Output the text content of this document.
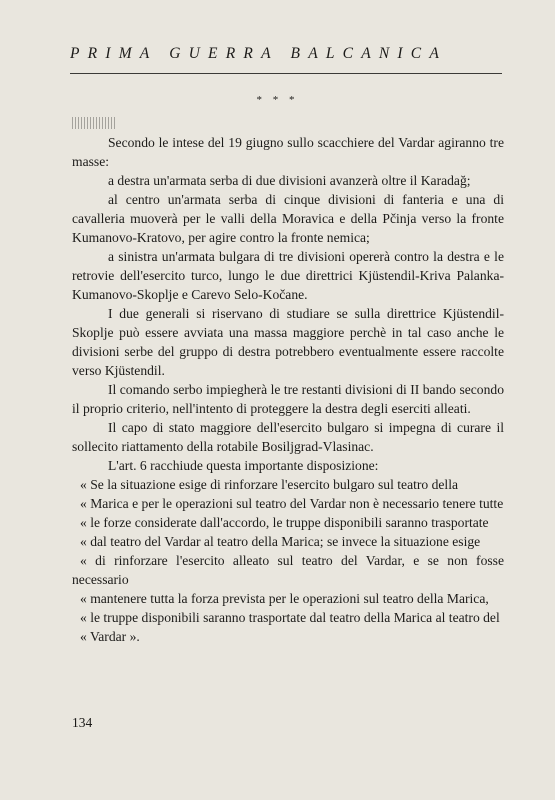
PRIMA GUERRA BALCANICA
* * *

Secondo le intese del 19 giugno sullo scacchiere del Vardar agiranno tre masse:

a destra un'armata serba di due divisioni avanzerà oltre il Karadağ;

al centro un'armata serba di cinque divisioni di fanteria e una di cavalleria muoverà per le valli della Moravica e della Pčinja verso la fronte Kumanovo-Kratovo, per agire contro la fronte nemica;

a sinistra un'armata bulgara di tre divisioni opererà contro la destra e le retrovie dell'esercito turco, lungo le due direttrici Kjüstendil-Kriva Palanka-Kumanovo-Skoplje e Carevo Selo-Kočane.

I due generali si riservano di studiare se sulla direttrice Kjüstendil-Skoplje può essere avviata una massa maggiore perchè in tal caso anche le divisioni serbe del gruppo di destra potrebbero eventualmente essere raccolte verso Kjüstendil.

Il comando serbo impiegherà le tre restanti divisioni di II bando secondo il proprio criterio, nell'intento di proteggere la destra degli eserciti alleati.

Il capo di stato maggiore dell'esercito bulgaro si impegna di curare il sollecito riattamento della rotabile Bosiljgrad-Vlasinac.

L'art. 6 racchiude questa importante disposizione:

« Se la situazione esige di rinforzare l'esercito bulgaro sul teatro della

« Marica e per le operazioni sul teatro del Vardar non è necessario tenere tutte

« le forze considerate dall'accordo, le truppe disponibili saranno trasportate

« dal teatro del Vardar al teatro della Marica; se invece la situazione esige

« di rinforzare l'esercito alleato sul teatro del Vardar, e se non fosse necessario

« mantenere tutta la forza prevista per le operazioni sul teatro della Marica,

« le truppe disponibili saranno trasportate dal teatro della Marica al teatro del

« Vardar ».

134
